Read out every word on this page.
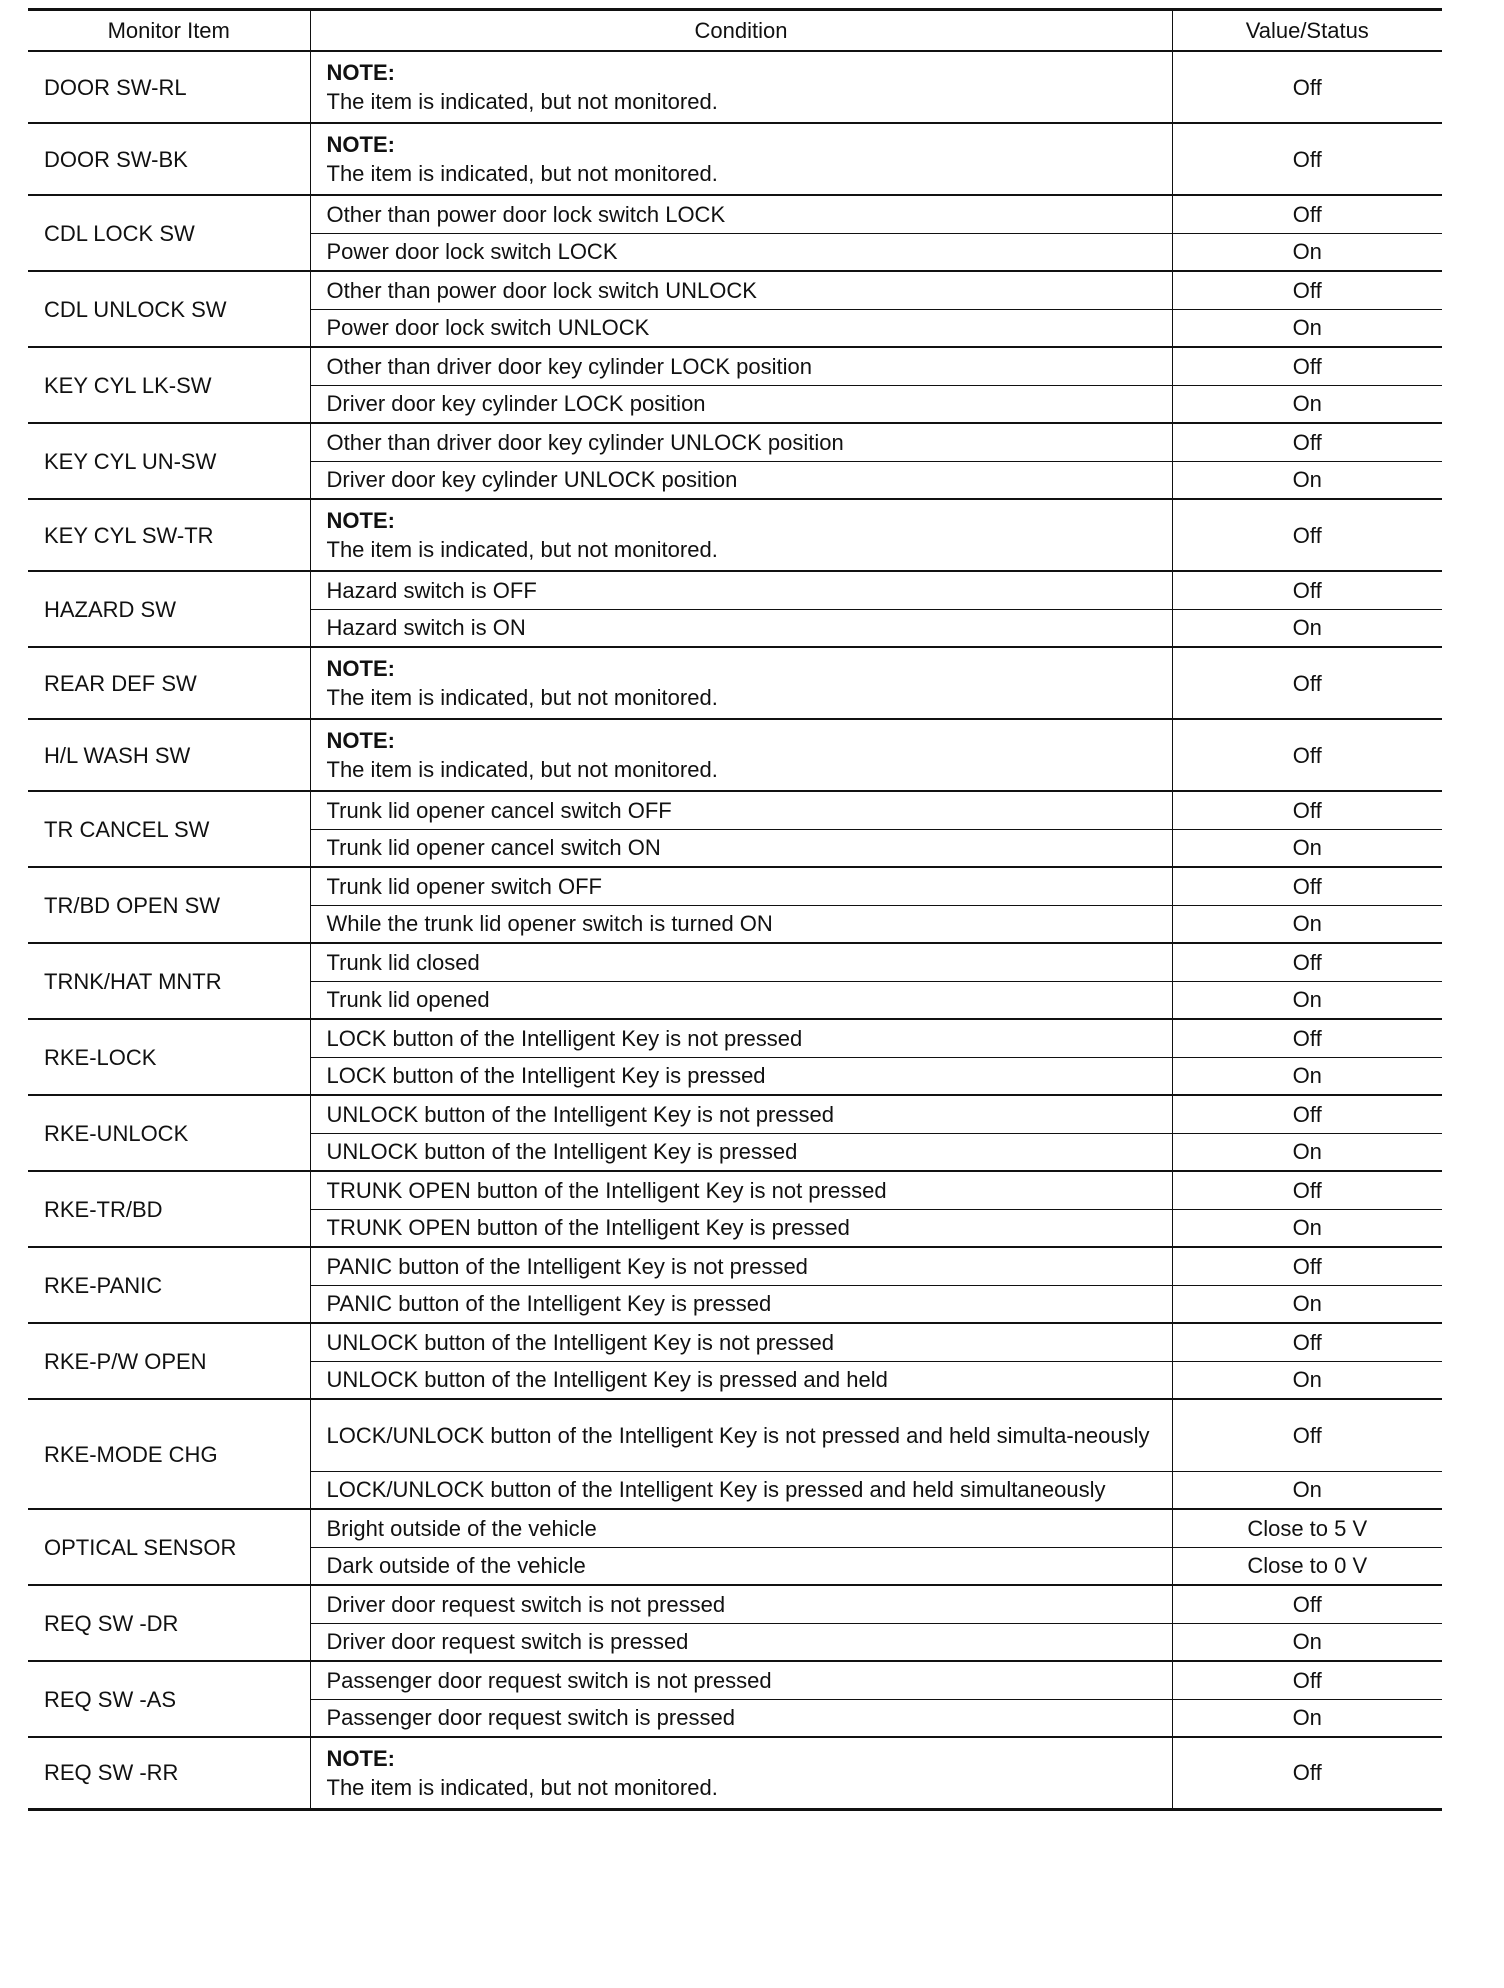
Monitor Item	Condition	Value/Status
DOOR SW-RL	NOTE:
The item is indicated, but not monitored.	Off
DOOR SW-BK	NOTE:
The item is indicated, but not monitored.	Off
CDL LOCK SW	Other than power door lock switch LOCK	Off
	Power door lock switch LOCK	On
CDL UNLOCK SW	Other than power door lock switch UNLOCK	Off
	Power door lock switch UNLOCK	On
KEY CYL LK-SW	Other than driver door key cylinder LOCK position	Off
	Driver door key cylinder LOCK position	On
KEY CYL UN-SW	Other than driver door key cylinder UNLOCK position	Off
	Driver door key cylinder UNLOCK position	On
KEY CYL SW-TR	NOTE:
The item is indicated, but not monitored.	Off
HAZARD SW	Hazard switch is OFF	Off
	Hazard switch is ON	On
REAR DEF SW	NOTE:
The item is indicated, but not monitored.	Off
H/L WASH SW	NOTE:
The item is indicated, but not monitored.	Off
TR CANCEL SW	Trunk lid opener cancel switch OFF	Off
	Trunk lid opener cancel switch ON	On
TR/BD OPEN SW	Trunk lid opener switch OFF	Off
	While the trunk lid opener switch is turned ON	On
TRNK/HAT MNTR	Trunk lid closed	Off
	Trunk lid opened	On
RKE-LOCK	LOCK button of the Intelligent Key is not pressed	Off
	LOCK button of the Intelligent Key is pressed	On
RKE-UNLOCK	UNLOCK button of the Intelligent Key is not pressed	Off
	UNLOCK button of the Intelligent Key is pressed	On
RKE-TR/BD	TRUNK OPEN button of the Intelligent Key is not pressed	Off
	TRUNK OPEN button of the Intelligent Key is pressed	On
RKE-PANIC	PANIC button of the Intelligent Key is not pressed	Off
	PANIC button of the Intelligent Key is pressed	On
RKE-P/W OPEN	UNLOCK button of the Intelligent Key is not pressed	Off
	UNLOCK button of the Intelligent Key is pressed and held	On
RKE-MODE CHG	LOCK/UNLOCK button of the Intelligent Key is not pressed and held simulta-neously	Off
	LOCK/UNLOCK button of the Intelligent Key is pressed and held simultaneously	On
OPTICAL SENSOR	Bright outside of the vehicle	Close to 5 V
	Dark outside of the vehicle	Close to 0 V
REQ SW -DR	Driver door request switch is not pressed	Off
	Driver door request switch is pressed	On
REQ SW -AS	Passenger door request switch is not pressed	Off
	Passenger door request switch is pressed	On
REQ SW -RR	NOTE:
The item is indicated, but not monitored.	Off
